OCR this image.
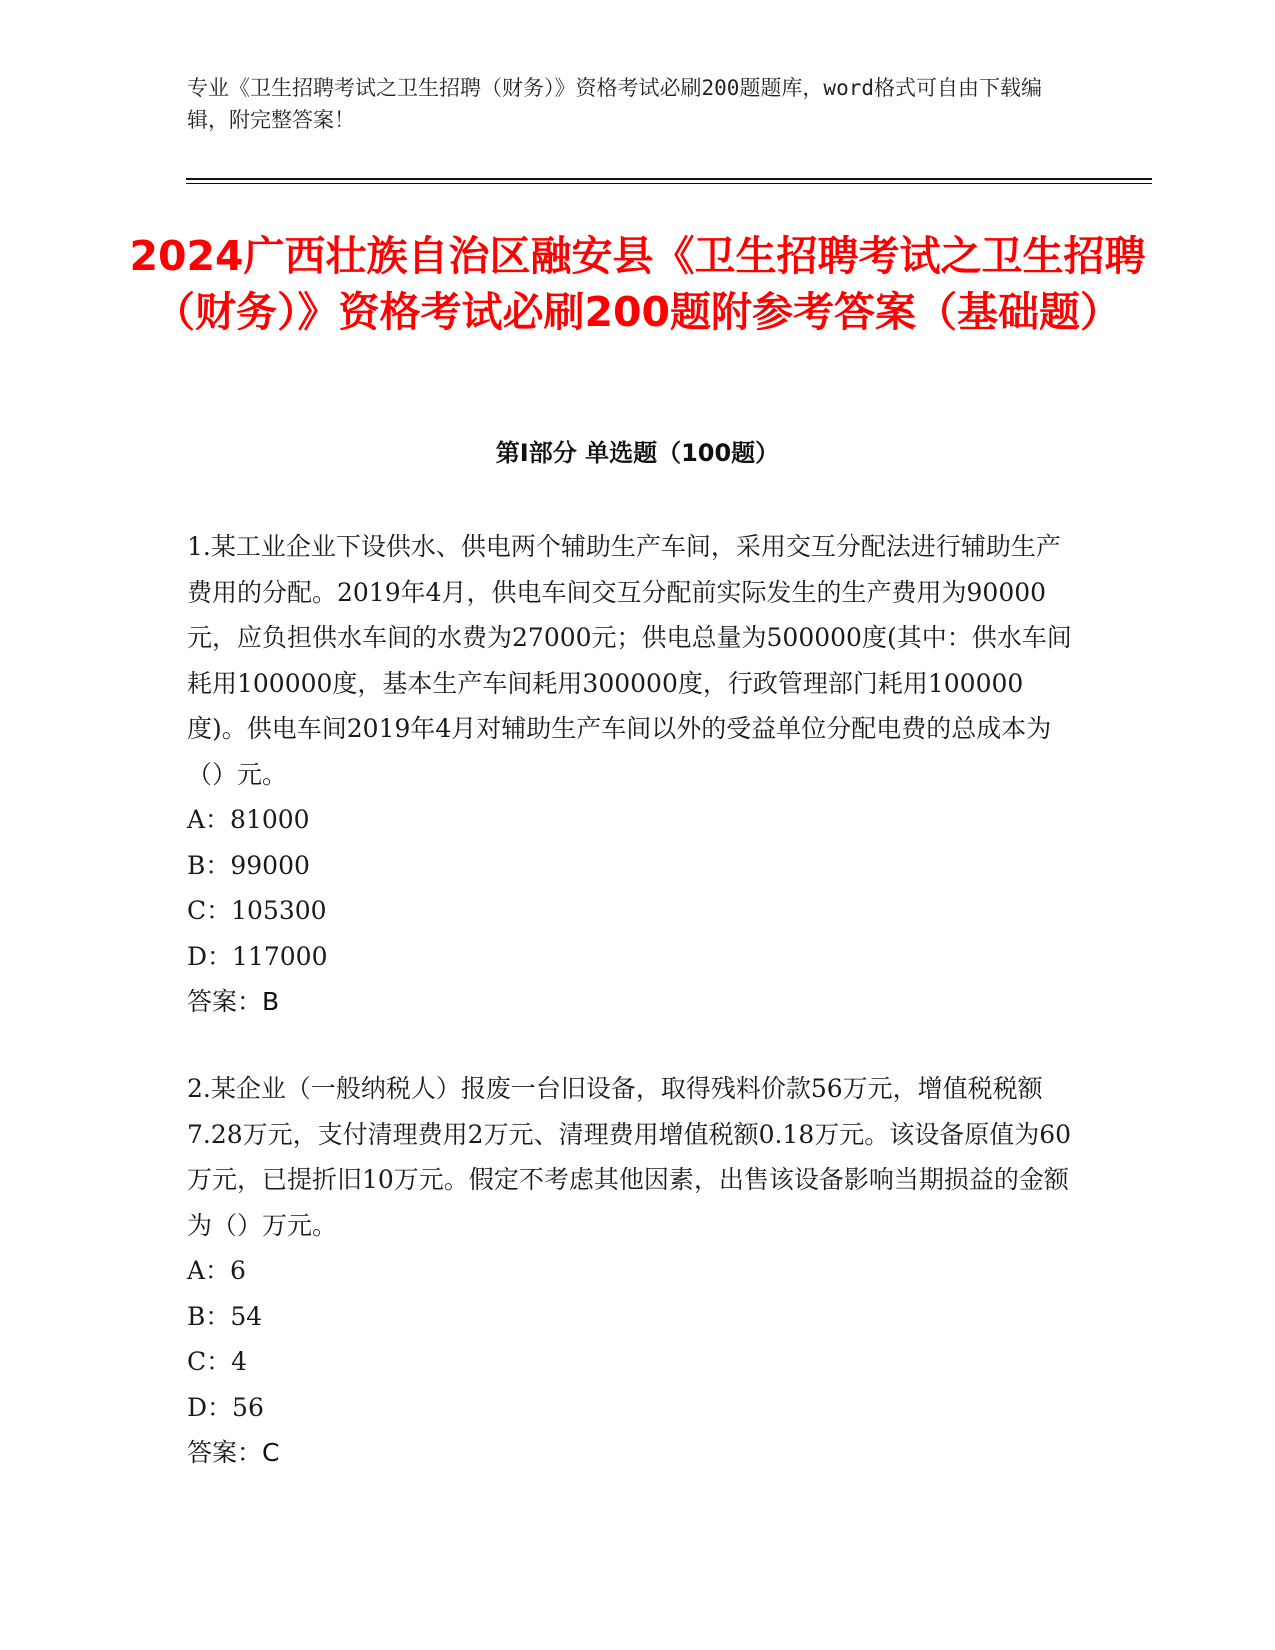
专业《卫生招聘考试之卫生招聘（财务）》资格考试必刷200题题库，word格式可自由下载编辑，附完整答案！
2024广西壮族自治区融安县《卫生招聘考试之卫生招聘（财务）》资格考试必刷200题附参考答案（基础题）
第Ⅰ部分 单选题（100题）

1.某工业企业下设供水、供电两个辅助生产车间，采用交互分配法进行辅助生产费用的分配。2019年4月，供电车间交互分配前实际发生的生产费用为90000元，应负担供水车间的水费为27000元；供电总量为500000度(其中：供水车间耗用100000度，基本生产车间耗用300000度，行政管理部门耗用100000度)。供电车间2019年4月对辅助生产车间以外的受益单位分配电费的总成本为（）元。

A：81000

B：99000

C：105300

D：117000

答案：B

2.某企业（一般纳税人）报废一台旧设备，取得残料价款56万元，增值税税额7.28万元，支付清理费用2万元、清理费用增值税额0.18万元。该设备原值为60万元，已提折旧10万元。假定不考虑其他因素，出售该设备影响当期损益的金额为（）万元。

A：6

B：54

C：4

D：56

答案：C
